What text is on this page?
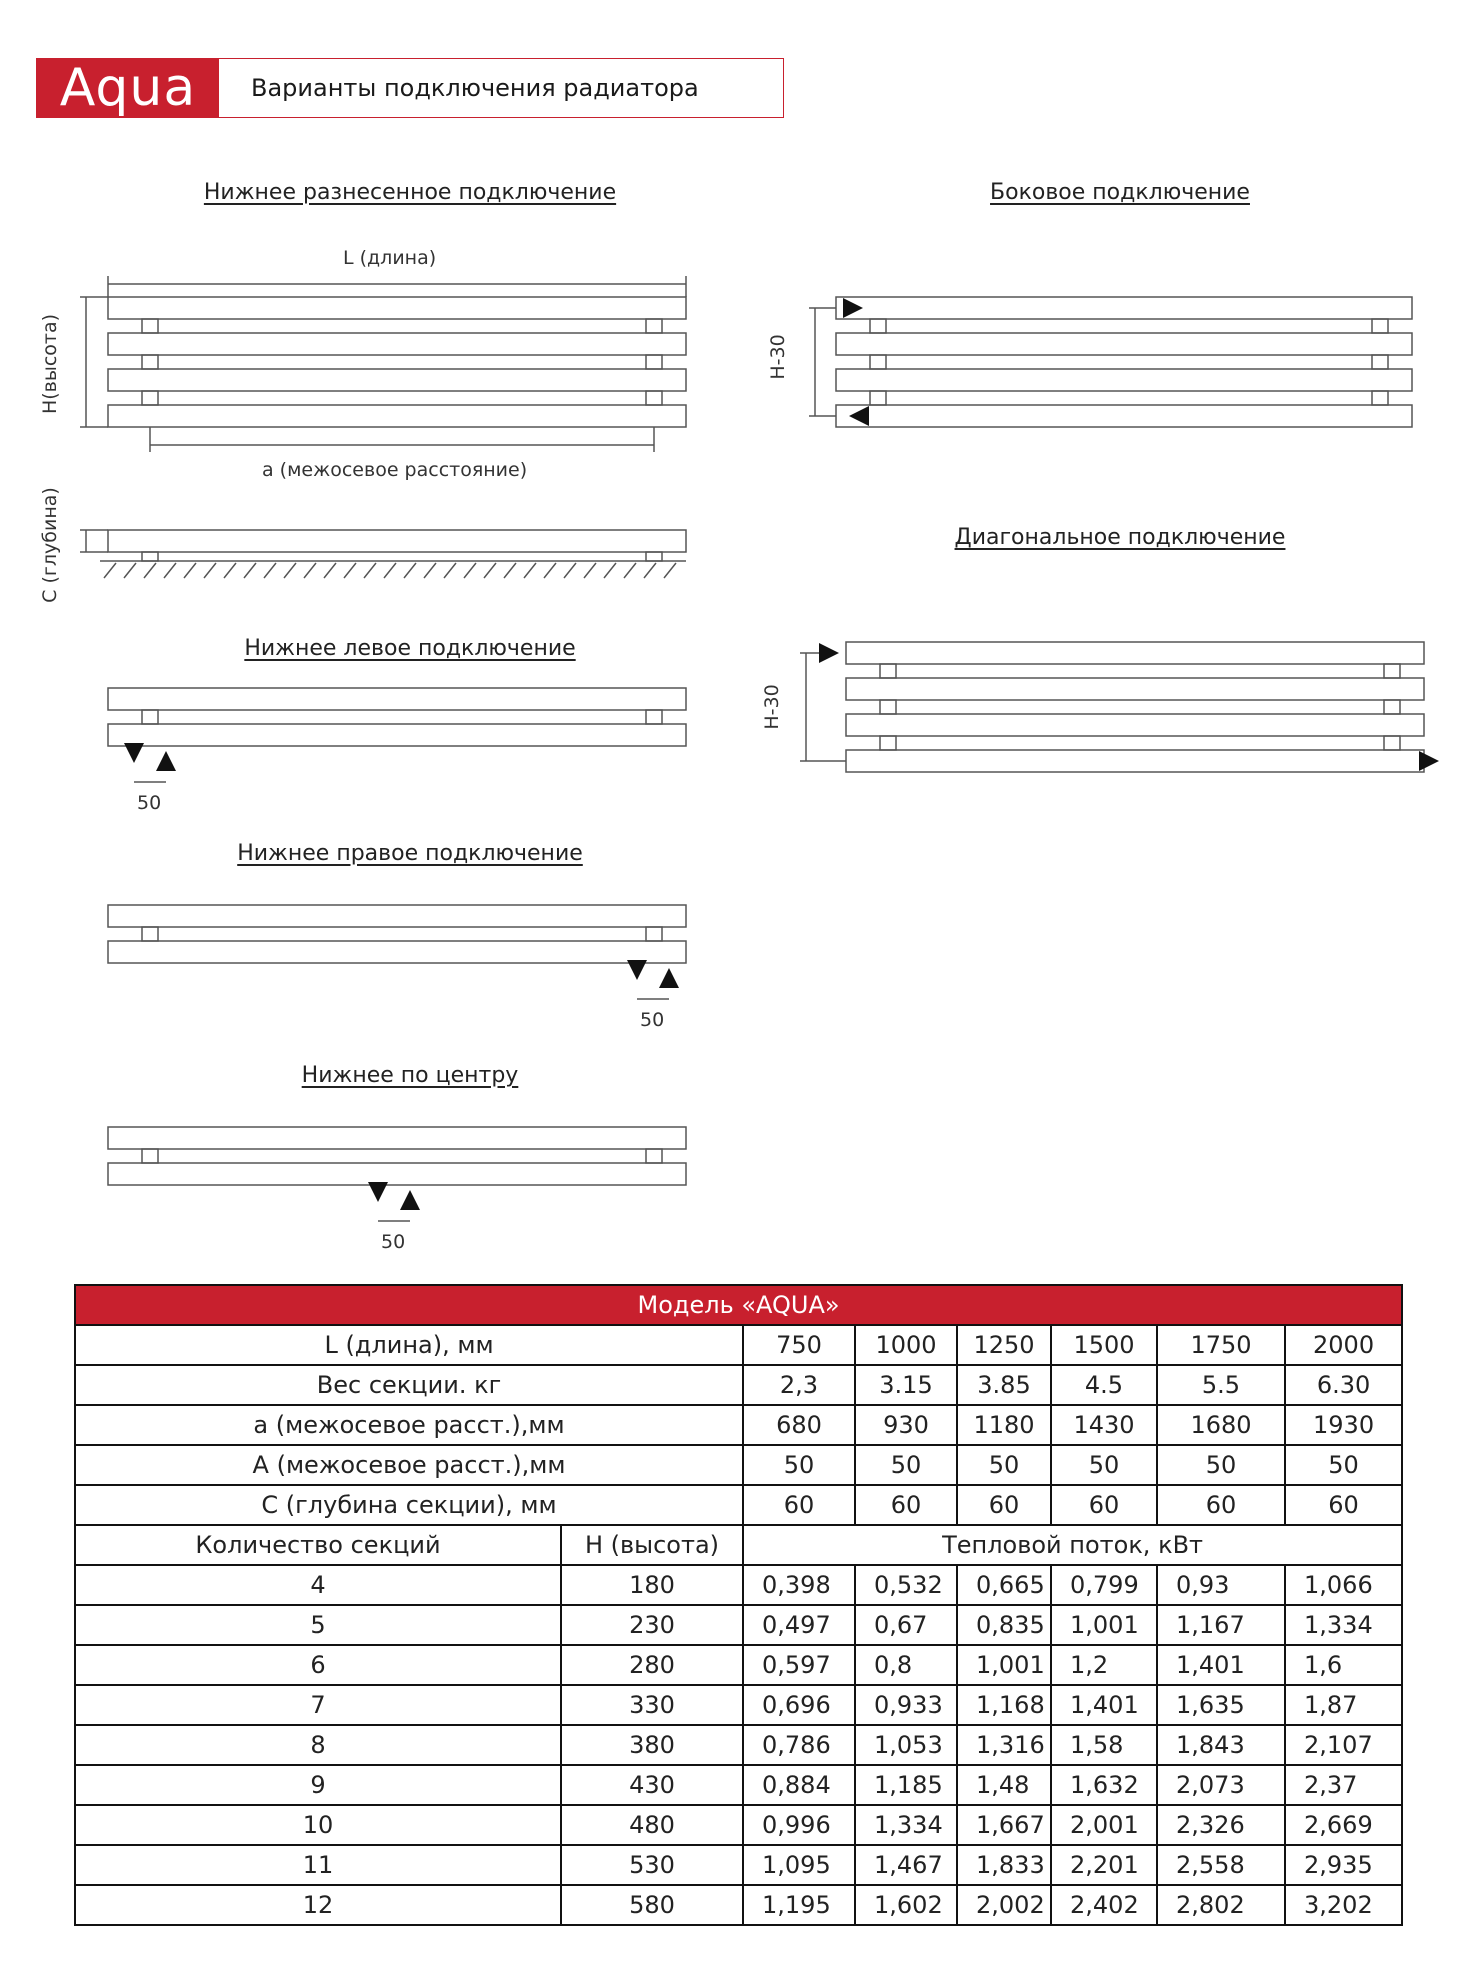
Aqua	Варианты подключения радиатора
Нижнее разнесенное подключение	Боковое подключение
Диагональное подключение
Нижнее левое подключение
Нижнее правое подключение
Нижнее по центру
L (длина)
H(высота)
a (межосевое расстояние)
C (глубина)
H-30
H-30
50
50
50
Модель «AQUA»							
L (длина), мм		750	1000	1250	1500	1750	2000
Вес секции. кг		2,3	3.15	3.85	4.5	5.5	6.30
a (межосевое расст.),мм		680	930	1180	1430	1680	1930
A (межосевое расст.),мм		50	50	50	50	50	50
C (глубина секции), мм		60	60	60	60	60	60
Количество секций	H (высота)	Тепловой поток, кВт					
4	180	0,398	0,532	0,665	0,799	0,93	1,066
5	230	0,497	0,67	0,835	1,001	1,167	1,334
6	280	0,597	0,8	1,001	1,2	1,401	1,6
7	330	0,696	0,933	1,168	1,401	1,635	1,87
8	380	0,786	1,053	1,316	1,58	1,843	2,107
9	430	0,884	1,185	1,48	1,632	2,073	2,37
10	480	0,996	1,334	1,667	2,001	2,326	2,669
11	530	1,095	1,467	1,833	2,201	2,558	2,935
12	580	1,195	1,602	2,002	2,402	2,802	3,202
